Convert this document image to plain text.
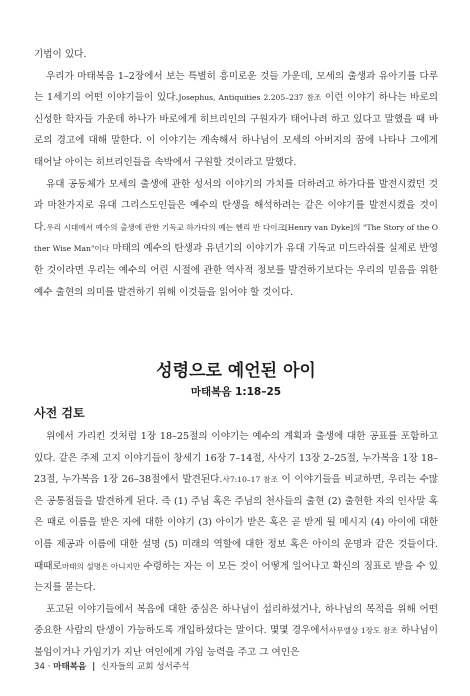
기법이 있다.

우리가 마태복음 1–2장에서 보는 특별히 흥미로운 것들 가운데, 모세의 출생과 유아기를 다루는 1세기의 어떤 이야기들이 있다.Josephus, Antiquities 2.205–237 참조 이런 이야기 하나는 바로의 신성한 학자들 가운데 하나가 바로에게 히브리인의 구원자가 태어나려 하고 있다고 말했을 때 바로의 경고에 대해 말한다. 이 이야기는 계속해서 하나님이 모세의 아버지의 꿈에 나타나 그에게 태어날 아이는 히브리인들을 속박에서 구원할 것이라고 말했다.

유대 공동체가 모세의 출생에 관한 성서의 이야기의 가치를 더하려고 하가다를 발전시켰던 것과 마찬가지로 유대 그리스도인들은 예수의 탄생을 해석하려는 같은 이야기를 발전시켰을 것이다.우리 시대에서 예수의 출생에 관한 기독교 하가다의 예는 헨리 반 다이크[Henry van Dyke]의 "The Story of the Other Wise Man"이다 마태의 예수의 탄생과 유년기의 이야기가 유대 기독교 미드라쉬를 실제로 반영한 것이라면 우리는 예수의 어린 시절에 관한 역사적 정보를 발견하기보다는 우리의 믿음을 위한 예수 출현의 의미를 발견하기 위해 이것들을 읽어야 할 것이다.

성령으로 예언된 아이
마태복음 1:18–25
사전 검토

위에서 가리킨 것처럼 1장 18–25절의 이야기는 예수의 계획과 출생에 대한 공표를 포함하고 있다. 같은 주제 고지 이야기들이 창세기 16장 7–14절, 사사기 13장 2–25절, 누가복음 1장 18–23절, 누가복음 1장 26–38절에서 발견된다.사7:10–17 참조 이 이야기들을 비교하면, 우리는 수많은 공통점들을 발견하게 된다. 즉 (1) 주님 혹은 주님의 천사들의 출현 (2) 출현한 자의 인사말 혹은 때로 이름을 받은 자에 대한 이야기 (3) 아이가 받은 혹은 곧 받게 될 메시지 (4) 아이에 대한 이름 제공과 이름에 대한 설명 (5) 미래의 역할에 대한 정보 혹은 아이의 운명과 같은 것들이다. 때때로마태의 설명은 아니지만 수령하는 자는 이 모든 것이 어떻게 일어나고 확신의 징표로 받을 수 있는지를 묻는다.

포고된 이야기들에서 복음에 대한 중심은 하나님이 섭리하셨거나, 하나님의 목적을 위해 어떤 중요한 사람의 탄생이 가능하도록 개입하셨다는 말이다. 몇몇 경우에서사무엘상 1장도 참조 하나님이 불임이거나 가임기가 지난 여인에게 가임 능력을 주고 그 여인은

34 · 마태복음 | 신자들의 교회 성서주석
